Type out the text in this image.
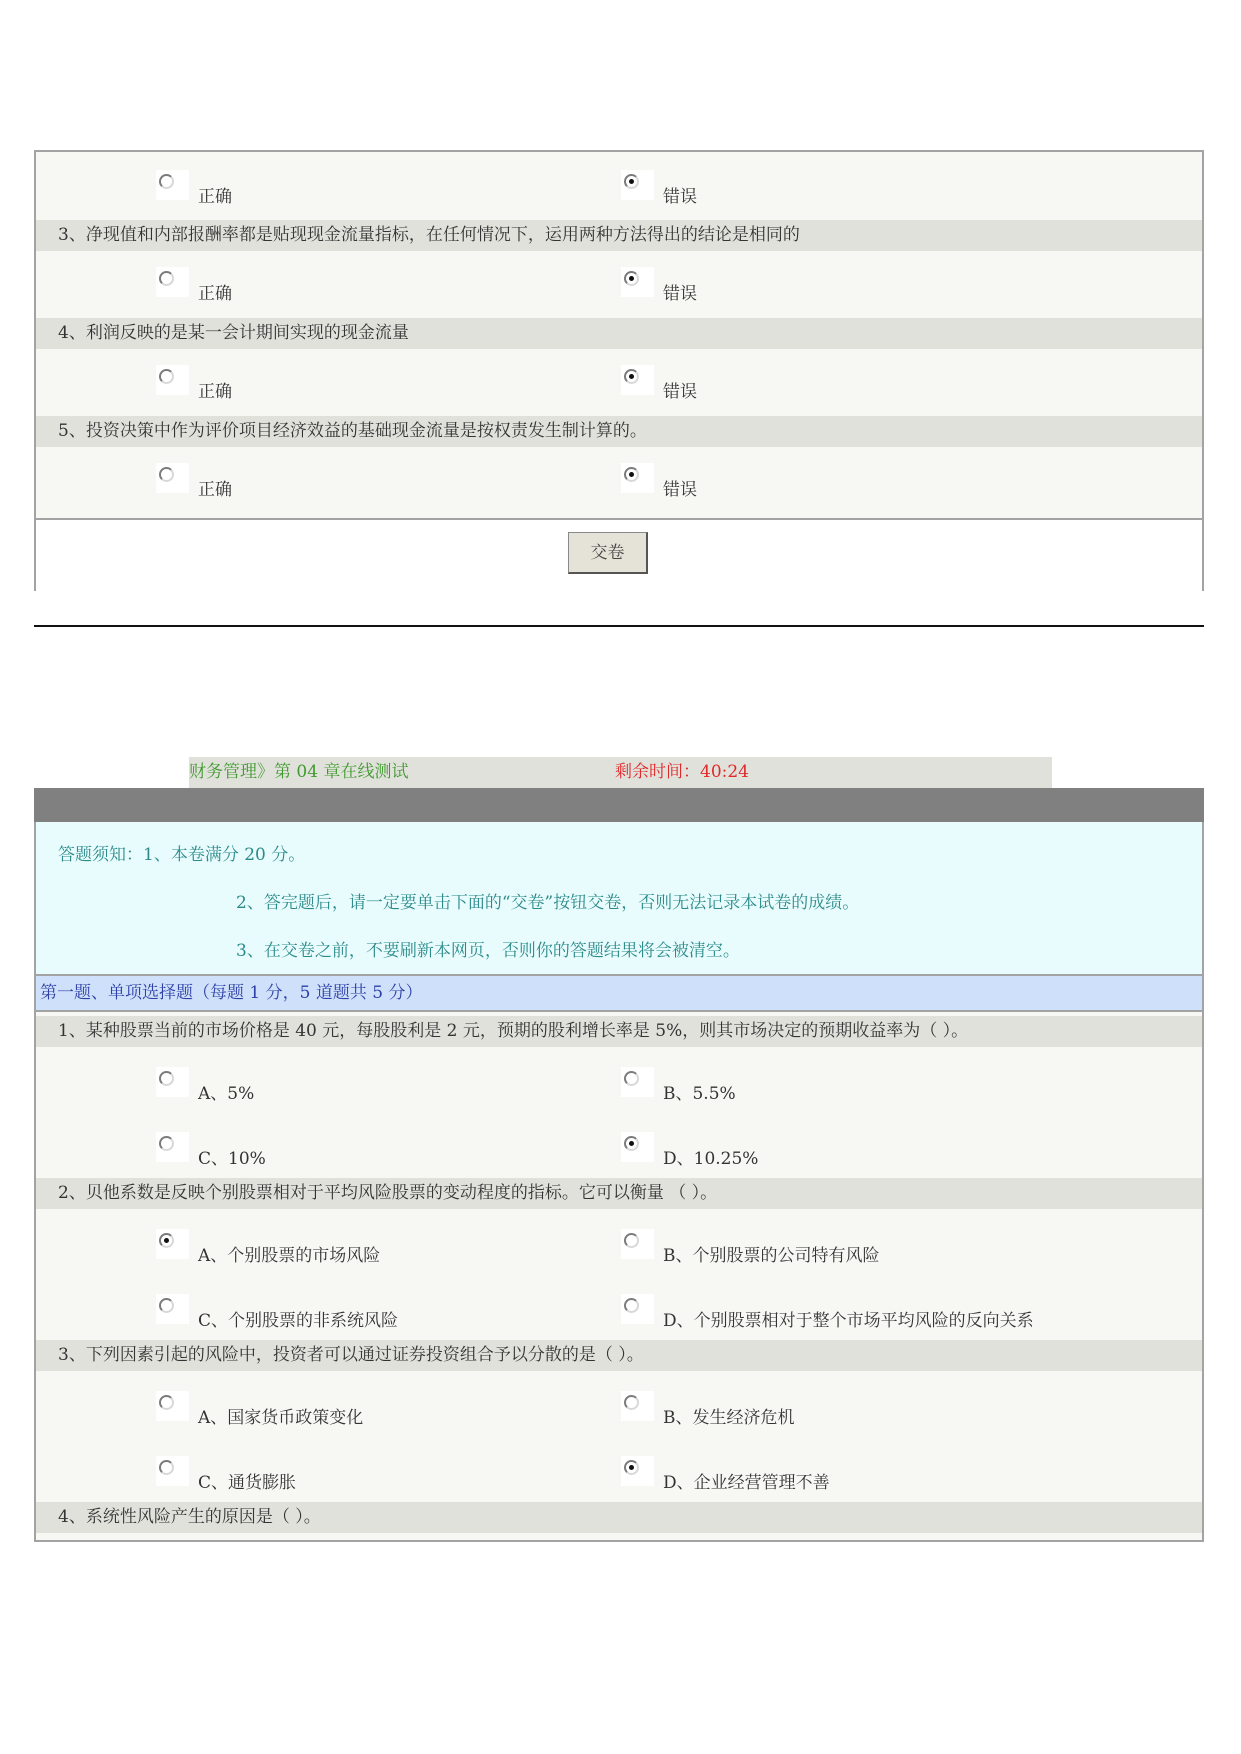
正确	错误
3、净现值和内部报酬率都是贴现现金流量指标，在任何情况下，运用两种方法得出的结论是相同的
正确	错误
4、利润反映的是某一会计期间实现的现金流量
正确	错误
5、投资决策中作为评价项目经济效益的基础现金流量是按权责发生制计算的。
正确	错误
交卷
财务管理》第 04 章在线测试	剩余时间：40:24
答题须知：1、本卷满分 20 分。
2、答完题后，请一定要单击下面的“交卷”按钮交卷，否则无法记录本试卷的成绩。
3、在交卷之前，不要刷新本网页，否则你的答题结果将会被清空。
第一题、单项选择题（每题 1 分，5 道题共 5 分）
1、某种股票当前的市场价格是 40 元，每股股利是 2 元，预期的股利增长率是 5%，则其市场决定的预期收益率为（ ）。
A、5%	B、5.5%
C、10%	D、10.25%
2、贝他系数是反映个别股票相对于平均风险股票的变动程度的指标。它可以衡量 （ ）。
A、个别股票的市场风险	B、个别股票的公司特有风险
C、个别股票的非系统风险	D、个别股票相对于整个市场平均风险的反向关系
3、下列因素引起的风险中，投资者可以通过证券投资组合予以分散的是（ ）。
A、国家货币政策变化	B、发生经济危机
C、通货膨胀	D、企业经营管理不善
4、系统性风险产生的原因是（ ）。
